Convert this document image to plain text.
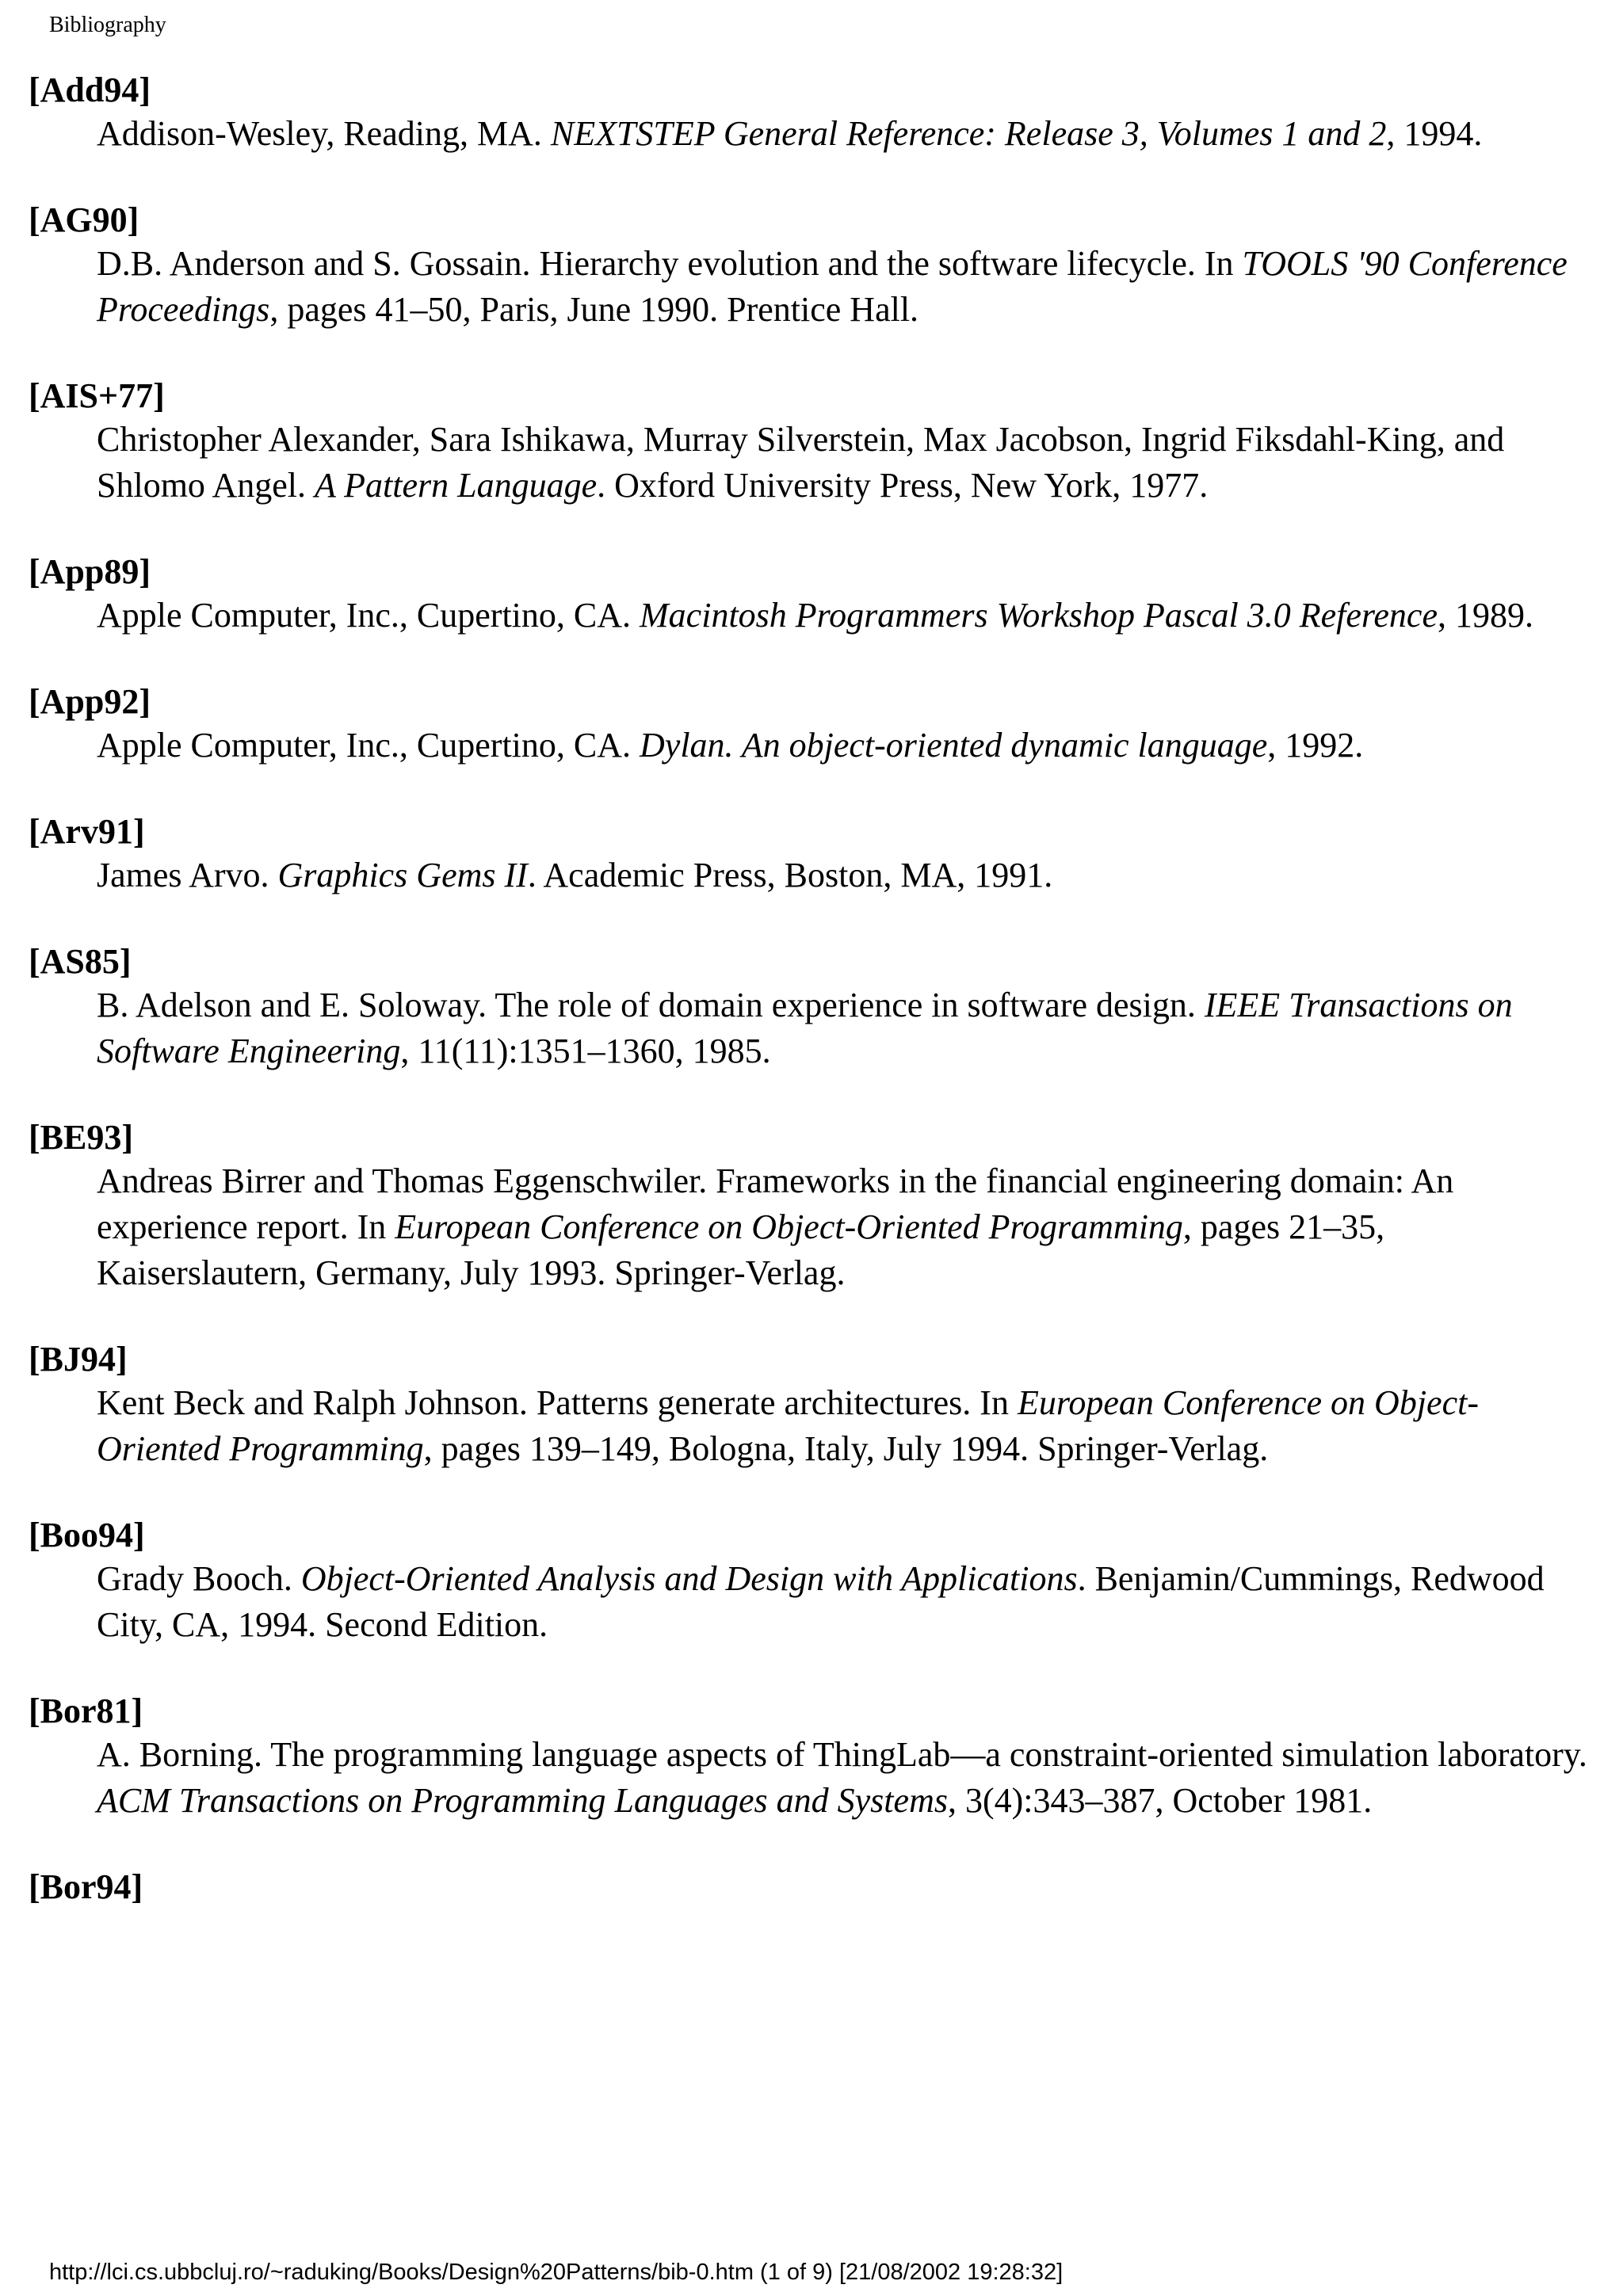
Bibliography
[Add94]
Addison-Wesley, Reading, MA. NEXTSTEP General Reference: Release 3, Volumes 1 and 2, 1994.
[AG90]
D.B. Anderson and S. Gossain. Hierarchy evolution and the software lifecycle. In TOOLS '90 Conference Proceedings, pages 41–50, Paris, June 1990. Prentice Hall.
[AIS+77]
Christopher Alexander, Sara Ishikawa, Murray Silverstein, Max Jacobson, Ingrid Fiksdahl-King, and Shlomo Angel. A Pattern Language. Oxford University Press, New York, 1977.
[App89]
Apple Computer, Inc., Cupertino, CA. Macintosh Programmers Workshop Pascal 3.0 Reference, 1989.
[App92]
Apple Computer, Inc., Cupertino, CA. Dylan. An object-oriented dynamic language, 1992.
[Arv91]
James Arvo. Graphics Gems II. Academic Press, Boston, MA, 1991.
[AS85]
B. Adelson and E. Soloway. The role of domain experience in software design. IEEE Transactions on Software Engineering, 11(11):1351–1360, 1985.
[BE93]
Andreas Birrer and Thomas Eggenschwiler. Frameworks in the financial engineering domain: An experience report. In European Conference on Object-Oriented Programming, pages 21–35, Kaiserslautern, Germany, July 1993. Springer-Verlag.
[BJ94]
Kent Beck and Ralph Johnson. Patterns generate architectures. In European Conference on Object-Oriented Programming, pages 139–149, Bologna, Italy, July 1994. Springer-Verlag.
[Boo94]
Grady Booch. Object-Oriented Analysis and Design with Applications. Benjamin/Cummings, Redwood City, CA, 1994. Second Edition.
[Bor81]
A. Borning. The programming language aspects of ThingLab—a constraint-oriented simulation laboratory. ACM Transactions on Programming Languages and Systems, 3(4):343–387, October 1981.
[Bor94]
http://lci.cs.ubbcluj.ro/~raduking/Books/Design%20Patterns/bib-0.htm (1 of 9) [21/08/2002 19:28:32]
